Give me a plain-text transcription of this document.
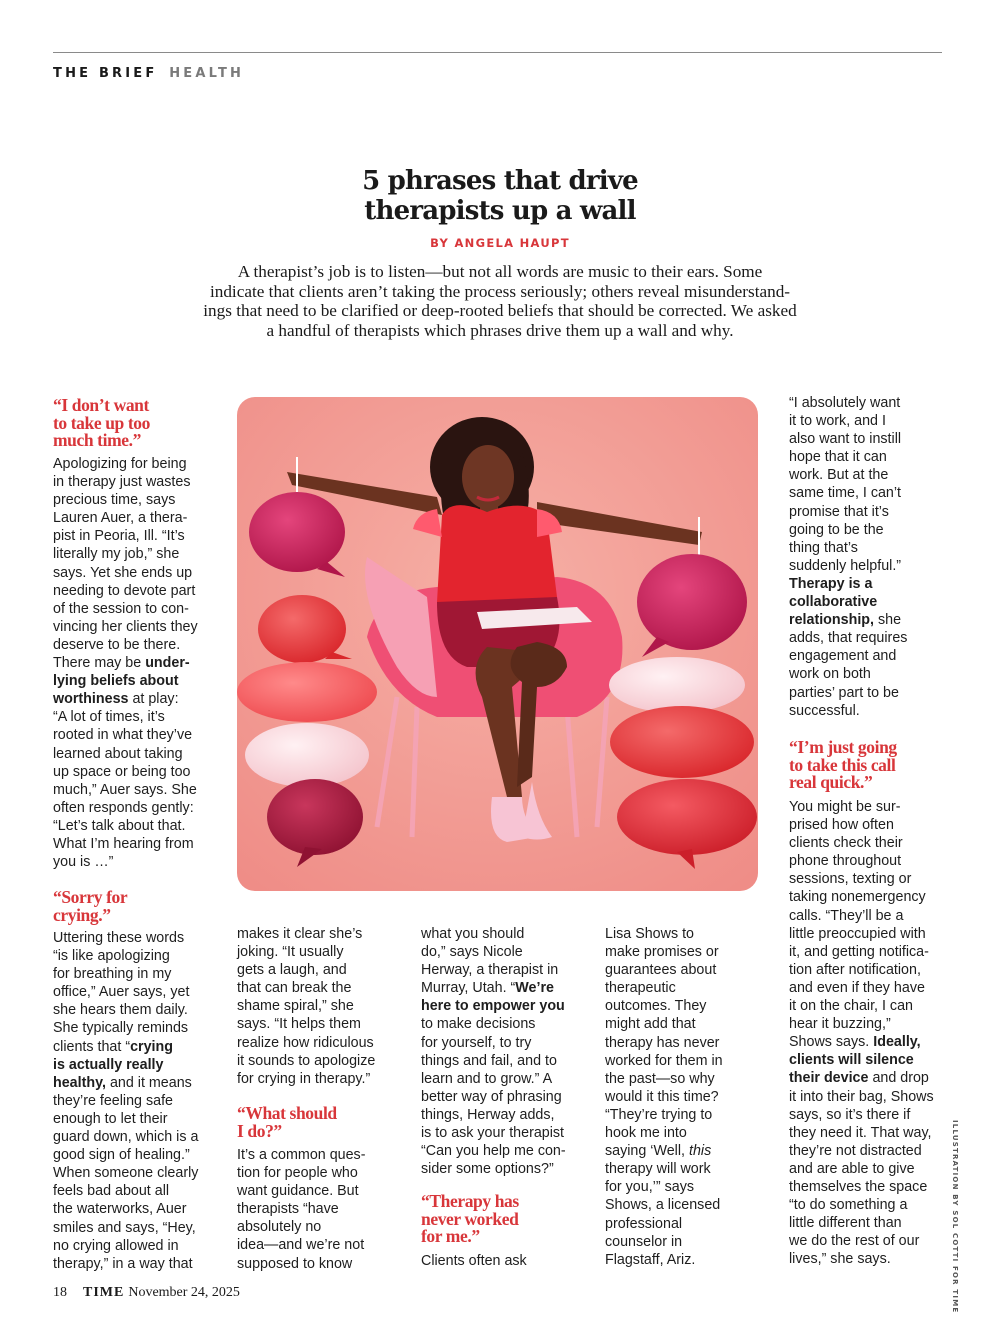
THE BRIEF HEALTH
5 phrases that drive
therapists up a wall
BY ANGELA HAUPT
A therapist’s job is to listen—but not all words are music to their ears. Some
indicate that clients aren’t taking the process seriously; others reveal misunderstand-
ings that need to be clarified or deep-rooted beliefs that should be corrected. We asked
a handful of therapists which phrases drive them up a wall and why.
“I don’t want
to take up too
much time.”
Apologizing for being
in therapy just wastes
precious time, says
Lauren Auer, a thera-
pist in Peoria, Ill. “It’s
literally my job,” she
says. Yet she ends up
needing to devote part
of the session to con-
vincing her clients they
deserve to be there.
There may be under-
lying beliefs about
worthiness at play:
“A lot of times, it’s
rooted in what they’ve
learned about taking
up space or being too
much,” Auer says. She
often responds gently:
“Let’s talk about that.
What I’m hearing from
you is …”
“Sorry for
crying.”
Uttering these words
“is like apologizing
for breathing in my
office,” Auer says, yet
she hears them daily.
She typically reminds
clients that “crying
is actually really
healthy, and it means
they’re feeling safe
enough to let their
guard down, which is a
good sign of healing.”
When someone clearly
feels bad about all
the waterworks, Auer
smiles and says, “Hey,
no crying allowed in
therapy,” in a way that
makes it clear she’s
joking. “It usually
gets a laugh, and
that can break the
shame spiral,” she
says. “It helps them
realize how ridiculous
it sounds to apologize
for crying in therapy.”
“What should
I do?”
It’s a common ques-
tion for people who
want guidance. But
therapists “have
absolutely no
idea—and we’re not
supposed to know
what you should
do,” says Nicole
Herway, a therapist in
Murray, Utah. “We’re
here to empower you
to make decisions
for yourself, to try
things and fail, and to
learn and to grow.” A
better way of phrasing
things, Herway adds,
is to ask your therapist
“Can you help me con-
sider some options?”
“Therapy has
never worked
for me.”
Clients often ask
Lisa Shows to
make promises or
guarantees about
therapeutic
outcomes. They
might add that
therapy has never
worked for them in
the past—so why
would it this time?
“They’re trying to
hook me into
saying ‘Well, this
therapy will work
for you,’” says
Shows, a licensed
professional
counselor in
Flagstaff, Ariz.
“I absolutely want
it to work, and I
also want to instill
hope that it can
work. But at the
same time, I can’t
promise that it’s
going to be the
thing that’s
suddenly helpful.”
Therapy is a
collaborative
relationship, she
adds, that requires
engagement and
work on both
parties’ part to be
successful.
“I’m just going
to take this call
real quick.”
You might be sur-
prised how often
clients check their
phone throughout
sessions, texting or
taking nonemergency
calls. “They’ll be a
little preoccupied with
it, and getting notifica-
tion after notification,
and even if they have
it on the chair, I can
hear it buzzing,”
Shows says. Ideally,
clients will silence
their device and drop
it into their bag, Shows
says, so it’s there if
they need it. That way,
they’re not distracted
and are able to give
themselves the space
“to do something a
little different than
we do the rest of our
lives,” she says.	ILLUSTRATION BY SOL COTTI FOR TIME
18 TIME November 24, 2025
